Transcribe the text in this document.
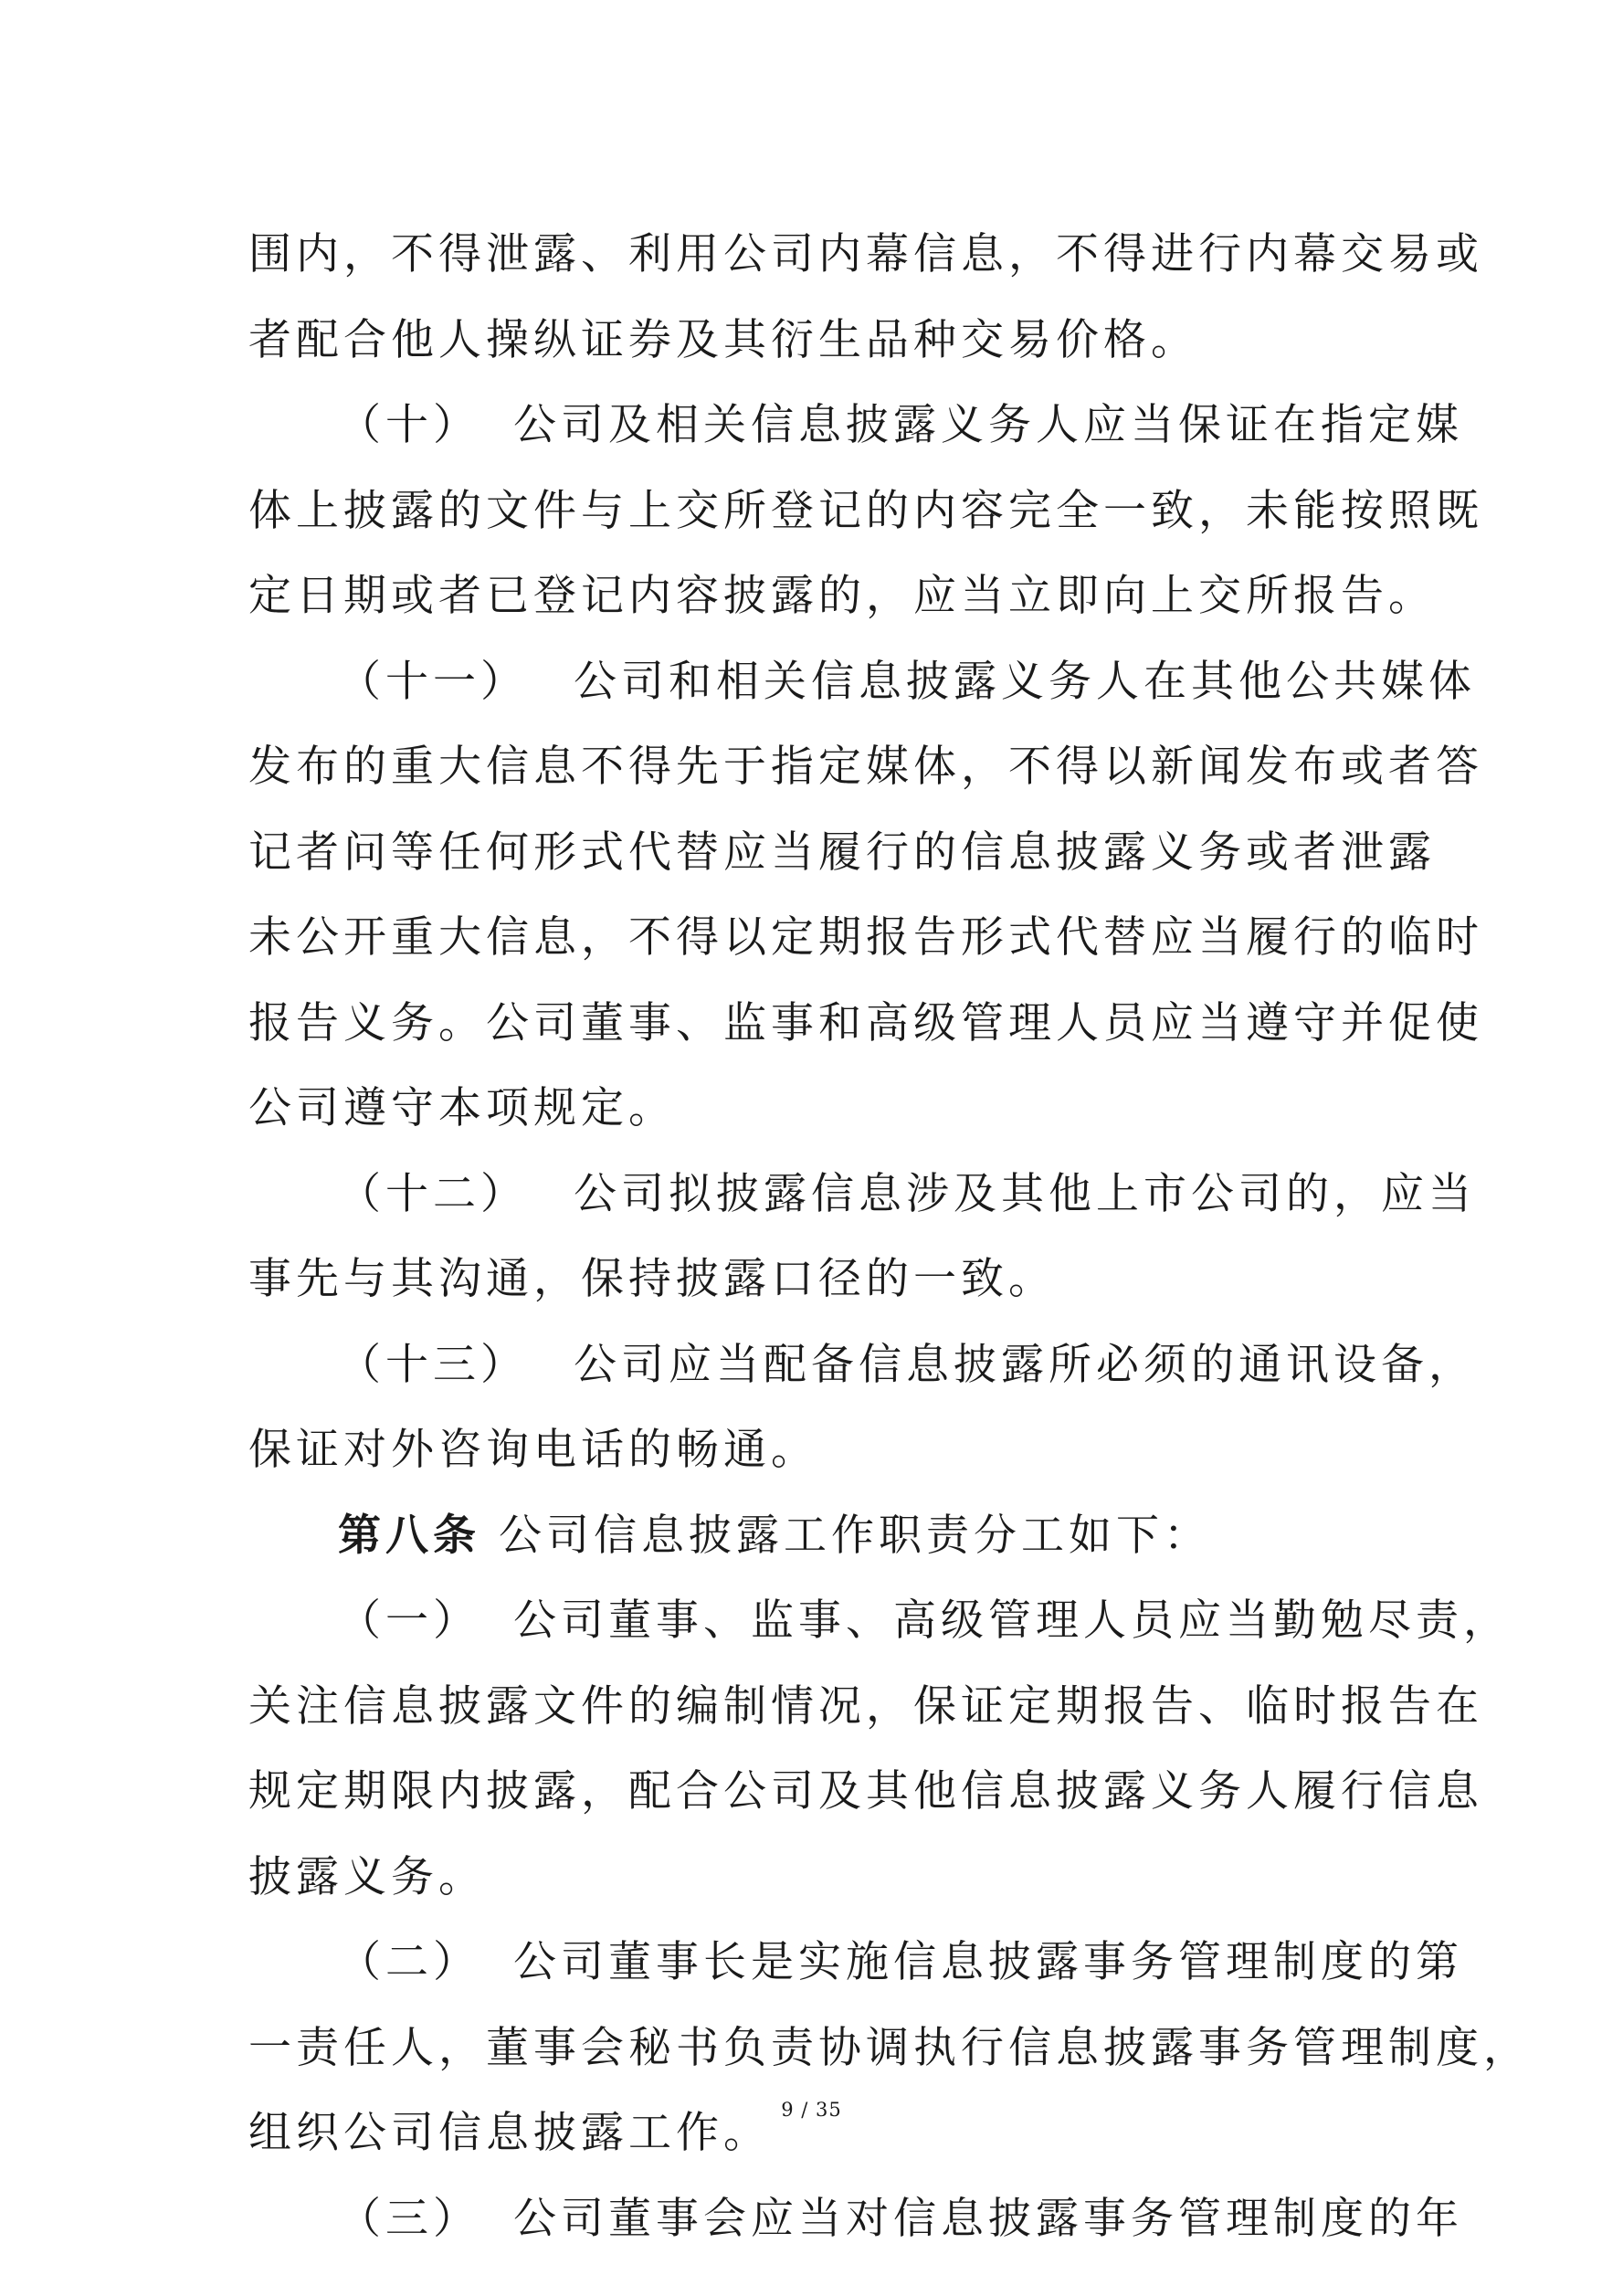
围内，不得泄露、利用公司内幕信息，不得进行内幕交易或
者配合他人操纵证券及其衍生品种交易价格。
（十） 公司及相关信息披露义务人应当保证在指定媒
体上披露的文件与上交所登记的内容完全一致，未能按照既
定日期或者已登记内容披露的，应当立即向上交所报告。
（十一） 公司和相关信息披露义务人在其他公共媒体
发布的重大信息不得先于指定媒体，不得以新闻发布或者答
记者问等任何形式代替应当履行的信息披露义务或者泄露
未公开重大信息，不得以定期报告形式代替应当履行的临时
报告义务。公司董事、监事和高级管理人员应当遵守并促使
公司遵守本项规定。
（十二） 公司拟披露信息涉及其他上市公司的，应当
事先与其沟通，保持披露口径的一致。
（十三） 公司应当配备信息披露所必须的通讯设备，
保证对外咨询电话的畅通。
第八条 公司信息披露工作职责分工如下：
（一） 公司董事、监事、高级管理人员应当勤勉尽责，
关注信息披露文件的编制情况，保证定期报告、临时报告在
规定期限内披露，配合公司及其他信息披露义务人履行信息
披露义务。
（二） 公司董事长是实施信息披露事务管理制度的第
一责任人，董事会秘书负责协调执行信息披露事务管理制度，
组织公司信息披露工作。
（三） 公司董事会应当对信息披露事务管理制度的年
9 / 35
